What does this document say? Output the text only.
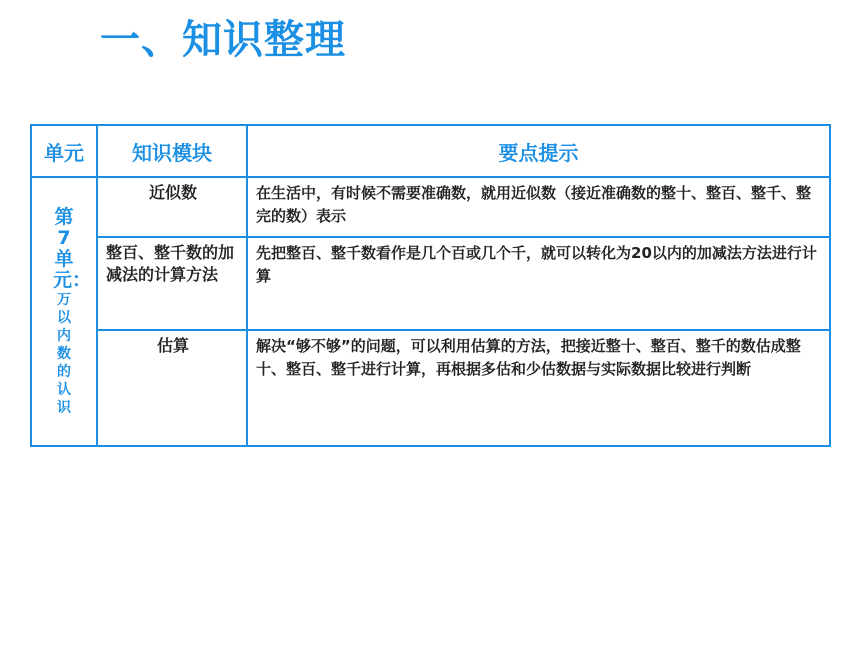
一、知识整理
单元	知识模块	要点提示

第7单元：
万以内数的认识	近似数	在生活中，有时候不需要准确数，就用近似数（接近准确数的整十、整百、整千、整完的数）表示
	整百、整千数的加减法的计算方法	先把整百、整千数看作是几个百或几个千，就可以转化为20以内的加减法方法进行计算
	估算	解决“够不够”的问题，可以利用估算的方法，把接近整十、整百、整千的数估成整十、整百、整千进行计算，再根据多估和少估数据与实际数据比较进行判断
